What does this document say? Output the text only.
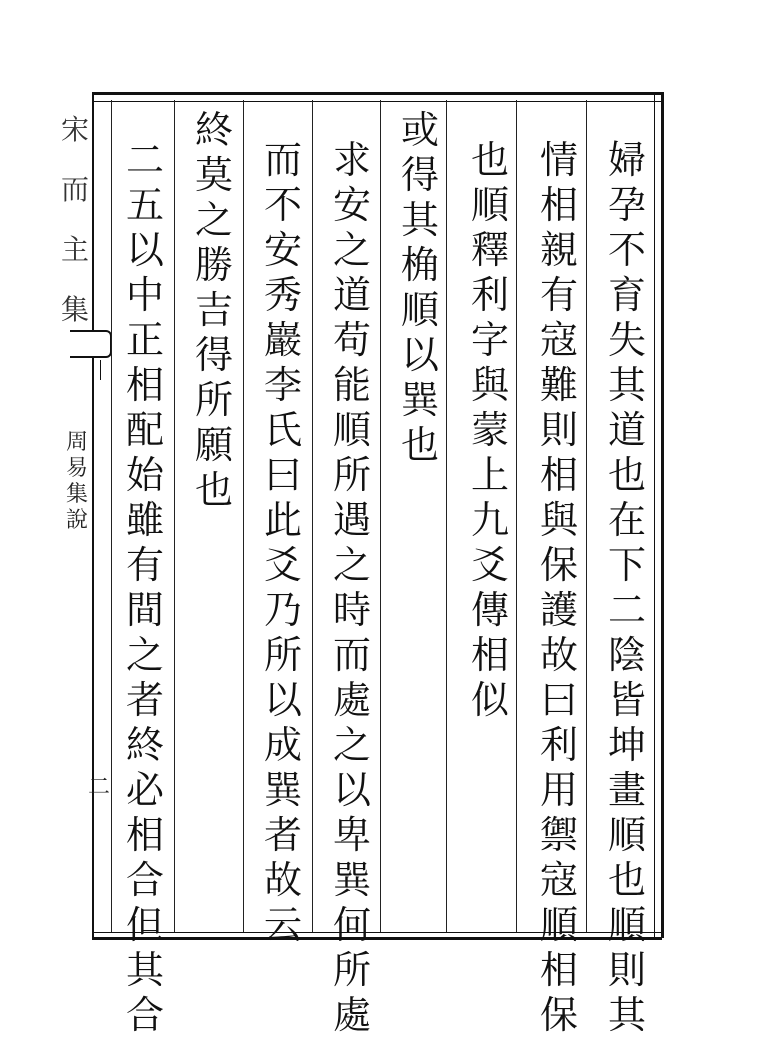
宋
而
主
集
周
易
集
說
二
婦
孕
不
育
失
其
道
也
在
下
二
陰
皆
坤
畫
順
也
順
則
其
情
相
親
有
寇
難
則
相
與
保
護
故
曰
利
用
禦
寇
順
相
保
也
順
釋
利
字
與
蒙
上
九
爻
傳
相
似
或
得
其
桷
順
以
巽
也
求
安
之
道
苟
能
順
所
遇
之
時
而
處
之
以
卑
巽
何
所
處
而
不
安
秀
巖
李
氏
曰
此
爻
乃
所
以
成
巽
者
故
云
終
莫
之
勝
吉
得
所
願
也
二
五
以
中
正
相
配
始
雖
有
間
之
者
終
必
相
合
但
其
合
